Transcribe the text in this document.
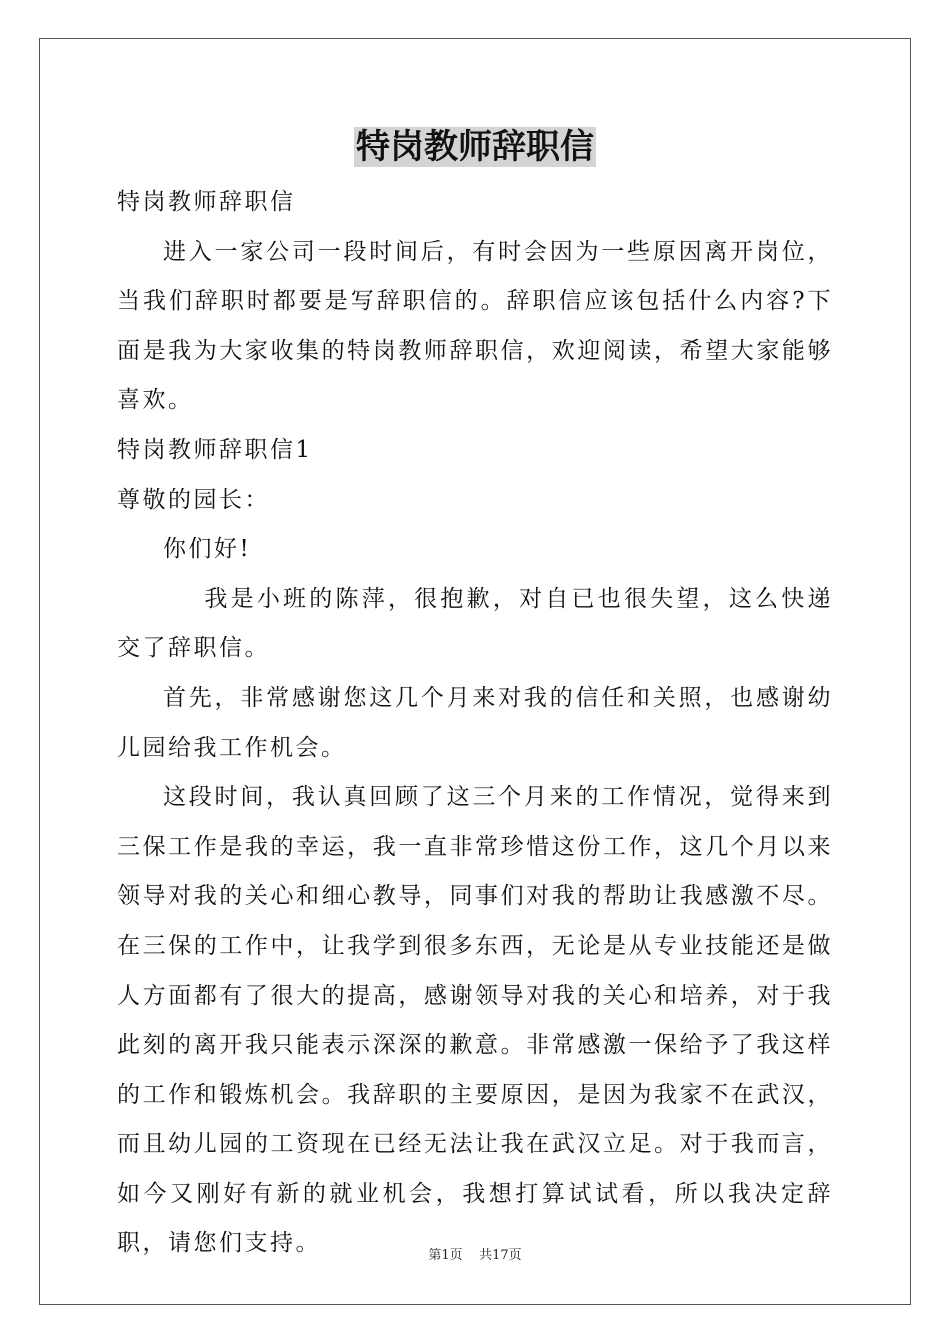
特岗教师辞职信

特岗教师辞职信

进入一家公司一段时间后，有时会因为一些原因离开岗位，当我们辞职时都要是写辞职信的。辞职信应该包括什么内容?下面是我为大家收集的特岗教师辞职信，欢迎阅读，希望大家能够喜欢。

特岗教师辞职信1

尊敬的园长：

你们好!

我是小班的陈萍，很抱歉，对自已也很失望，这么快递交了辞职信。

首先，非常感谢您这几个月来对我的信任和关照，也感谢幼儿园给我工作机会。

这段时间，我认真回顾了这三个月来的工作情况，觉得来到三保工作是我的幸运，我一直非常珍惜这份工作，这几个月以来领导对我的关心和细心教导，同事们对我的帮助让我感激不尽。在三保的工作中，让我学到很多东西，无论是从专业技能还是做人方面都有了很大的提高，感谢领导对我的关心和培养，对于我此刻的离开我只能表示深深的歉意。非常感激一保给予了我这样的工作和锻炼机会。我辞职的主要原因，是因为我家不在武汉，而且幼儿园的工资现在已经无法让我在武汉立足。对于我而言，如今又刚好有新的就业机会，我想打算试试看，所以我决定辞职，请您们支持。	第1页 共17页
